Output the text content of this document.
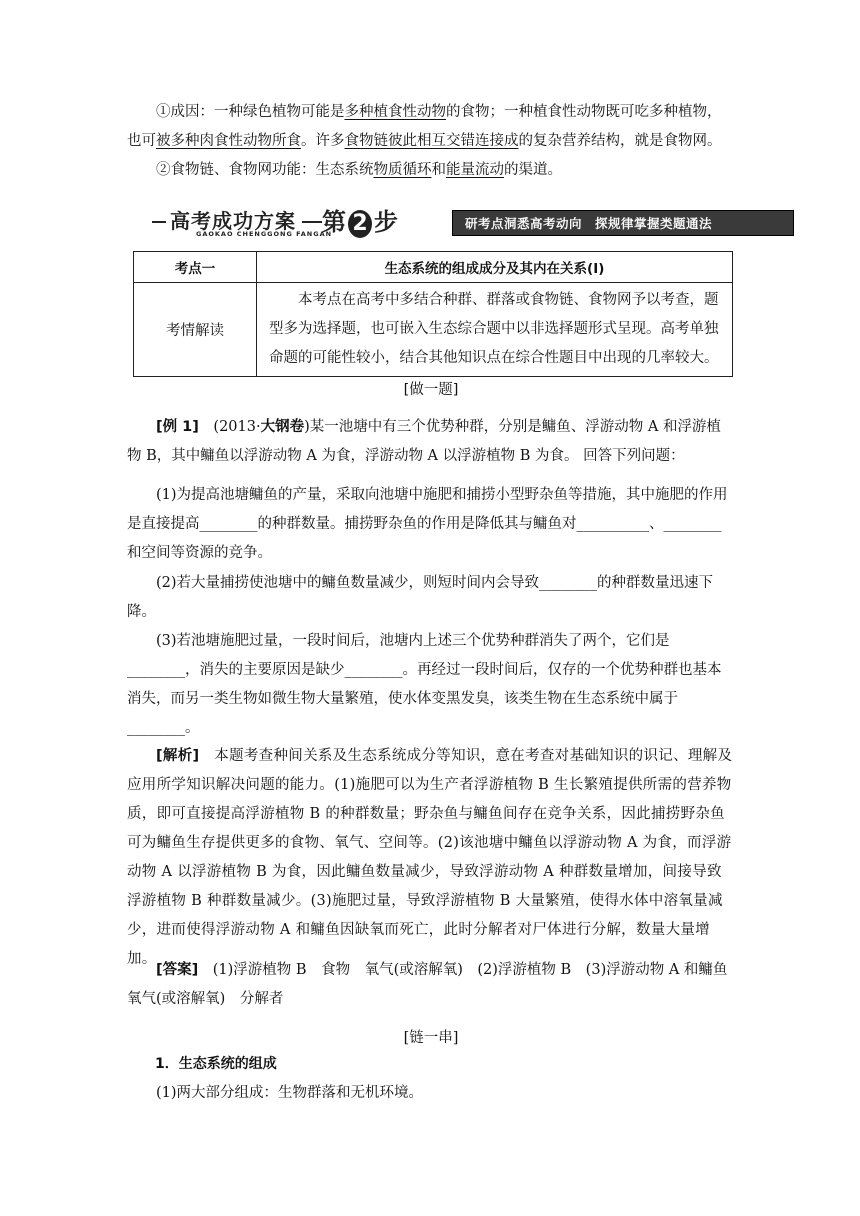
①成因：一种绿色植物可能是多种植食性动物的食物；一种植食性动物既可吃多种植物，

也可被多种肉食性动物所食。许多食物链彼此相互交错连接成的复杂营养结构，就是食物网。

②食物链、食物网功能：生态系统物质循环和能量流动的渠道。

高考成功方案
GAOKAO CHENGGONG FANGAN
第 2 步	研考点洞悉高考动向　探规律掌握类题通法
考点一	生态系统的组成成分及其内在关系(Ⅰ)
考情解读	本考点在高考中多结合种群、群落或食物链、食物网予以考查，题型多为选择题，也可嵌入生态综合题中以非选择题形式呈现。高考单独命题的可能性较小，结合其他知识点在综合性题目中出现的几率较大。

[做一题]

[例 1]　 (2013·大钢卷)某一池塘中有三个优势种群，分别是鳙鱼、浮游动物 A 和浮游植物 B，其中鳙鱼以浮游动物 A 为食，浮游动物 A 以浮游植物 B 为食。 回答下列问题：

(1)为提高池塘鳙鱼的产量，采取向池塘中施肥和捕捞小型野杂鱼等措施，其中施肥的作用是直接提高________的种群数量。捕捞野杂鱼的作用是降低其与鳙鱼对__________、________和空间等资源的竞争。

(2)若大量捕捞使池塘中的鳙鱼数量减少，则短时间内会导致________的种群数量迅速下降。

(3)若池塘施肥过量，一段时间后，池塘内上述三个优势种群消失了两个，它们是________，消失的主要原因是缺少________。再经过一段时间后，仅存的一个优势种群也基本消失，而另一类生物如微生物大量繁殖，使水体变黑发臭，该类生物在生态系统中属于________。

[解析]　 本题考查种间关系及生态系统成分等知识，意在考查对基础知识的识记、理解及应用所学知识解决问题的能力。(1)施肥可以为生产者浮游植物 B 生长繁殖提供所需的营养物质，即可直接提高浮游植物 B 的种群数量；野杂鱼与鳙鱼间存在竞争关系，因此捕捞野杂鱼可为鳙鱼生存提供更多的食物、氧气、空间等。(2)该池塘中鳙鱼以浮游动物 A 为食，而浮游动物 A 以浮游植物 B 为食，因此鳙鱼数量减少，导致浮游动物 A 种群数量增加，间接导致浮游植物 B 种群数量减少。(3)施肥过量，导致浮游植物 B 大量繁殖，使得水体中溶氧量减少，进而使得浮游动物 A 和鳙鱼因缺氧而死亡，此时分解者对尸体进行分解，数量大量增加。

[答案]　 (1)浮游植物 B　食物　氧气(或溶解氧)　(2)浮游植物 B　(3)浮游动物 A 和鳙鱼　氧气(或溶解氧)　分解者

[链一串]

1．生态系统的组成

(1)两大部分组成：生物群落和无机环境。
